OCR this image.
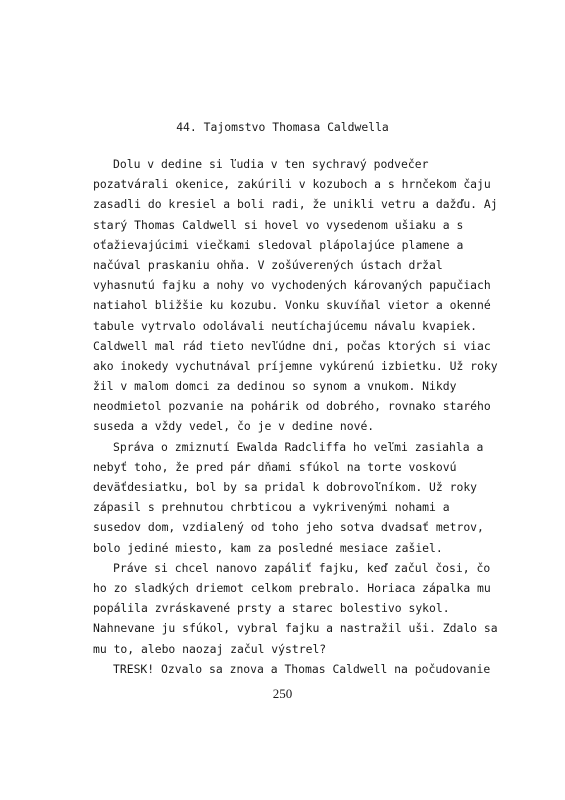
44. Tajomstvo Thomasa Caldwella
Dolu v dedine si ľudia v ten sychravý podvečer
pozatvárali okenice, zakúrili v kozuboch a s hrnčekom čaju
zasadli do kresiel a boli radi, že unikli vetru a dažďu. Aj
starý Thomas Caldwell si hovel vo vysedenom ušiaku a s
oťažievajúcimi viečkami sledoval plápolajúce plamene a
načúval praskaniu ohňa. V zošúverených ústach držal
vyhasnutú fajku a nohy vo vychodených károvaných papučiach
natiahol bližšie ku kozubu. Vonku skuvíňal vietor a okenné
tabule vytrvalo odolávali neutíchajúcemu návalu kvapiek.
Caldwell mal rád tieto nevľúdne dni, počas ktorých si viac
ako inokedy vychutnával príjemne vykúrenú izbietku. Už roky
žil v malom domci za dedinou so synom a vnukom. Nikdy
neodmietol pozvanie na pohárik od dobrého, rovnako starého
suseda a vždy vedel, čo je v dedine nové.
Správa o zmiznutí Ewalda Radcliffa ho veľmi zasiahla a
nebyť toho, že pred pár dňami sfúkol na torte voskovú
deväťdesiatku, bol by sa pridal k dobrovoľníkom. Už roky
zápasil s prehnutou chrbticou a vykrivenými nohami a
susedov dom, vzdialený od toho jeho sotva dvadsať metrov,
bolo jediné miesto, kam za posledné mesiace zašiel.
Práve si chcel nanovo zapáliť fajku, keď začul čosi, čo
ho zo sladkých driemot celkom prebralo. Horiaca zápalka mu
popálila zvráskavené prsty a starec bolestivo sykol.
Nahnevane ju sfúkol, vybral fajku a nastražil uši. Zdalo sa
mu to, alebo naozaj začul výstrel?
TRESK! Ozvalo sa znova a Thomas Caldwell na počudovanie
250
